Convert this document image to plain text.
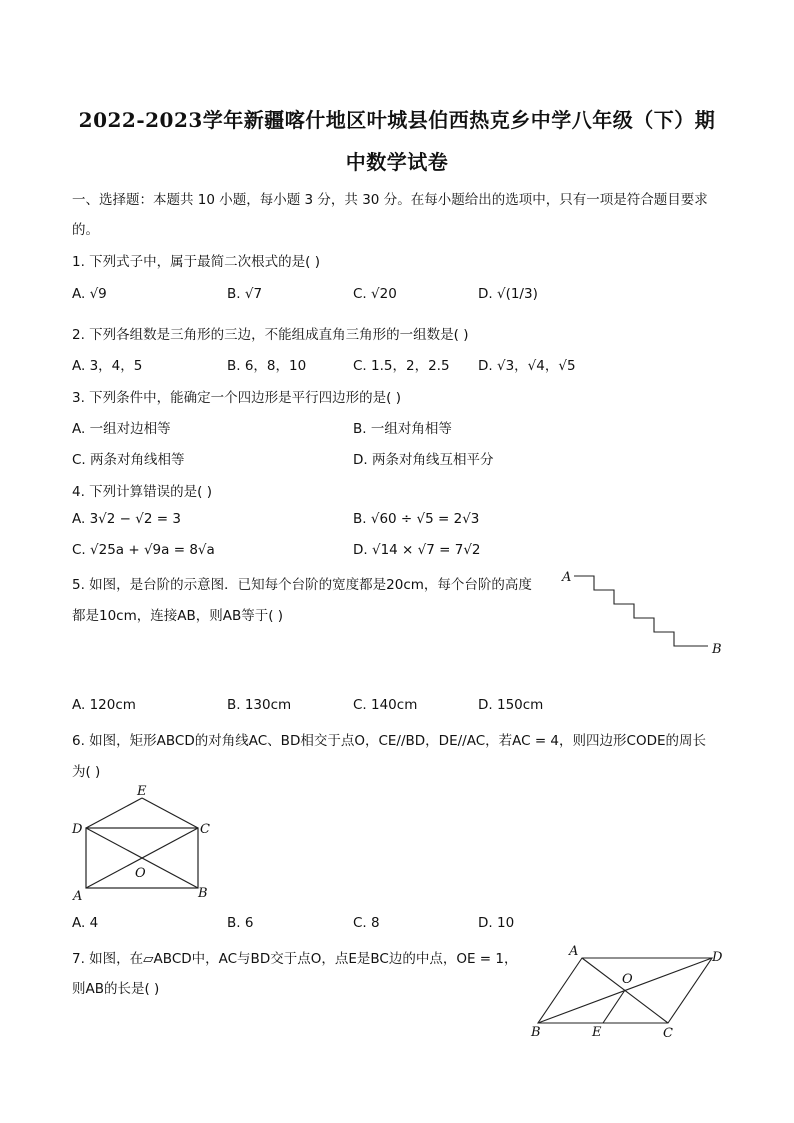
2022-2023学年新疆喀什地区叶城县伯西热克乡中学八年级（下）期
中数学试卷
一、选择题：本题共 10 小题，每小题 3 分，共 30 分。在每小题给出的选项中，只有一项是符合题目要求
的。
1. 下列式子中，属于最简二次根式的是( )
A. √9	B. √7	C. √20	D. √(1/3)
2. 下列各组数是三角形的三边，不能组成直角三角形的一组数是( )
A. 3，4，5	B. 6，8，10	C. 1.5，2，2.5 D. √3，√4，√5
3. 下列条件中，能确定一个四边形是平行四边形的是( )
A. 一组对边相等	B. 一组对角相等
C. 两条对角线相等	D. 两条对角线互相平分
4. 下列计算错误的是( )
A. 3√2 − √2 = 3	B. √60 ÷ √5 = 2√3
C. √25a + √9a = 8√a	D. √14 × √7 = 7√2
5. 如图，是台阶的示意图．已知每个台阶的宽度都是20cm，每个台阶的高度
都是10cm，连接AB，则AB等于( )
A
B
A. 120cm	B. 130cm	C. 140cm	D. 150cm
6. 如图，矩形ABCD的对角线AC、BD相交于点O，CE//BD，DE//AC，若AC = 4，则四边形CODE的周长
为( )
E
D	C
O
A	B
A. 4	B. 6	C. 8	D. 10
7. 如图，在▱ABCD中，AC与BD交于点O，点E是BC边的中点，OE = 1，
则AB的长是( )
A	D
O
B	E	C
